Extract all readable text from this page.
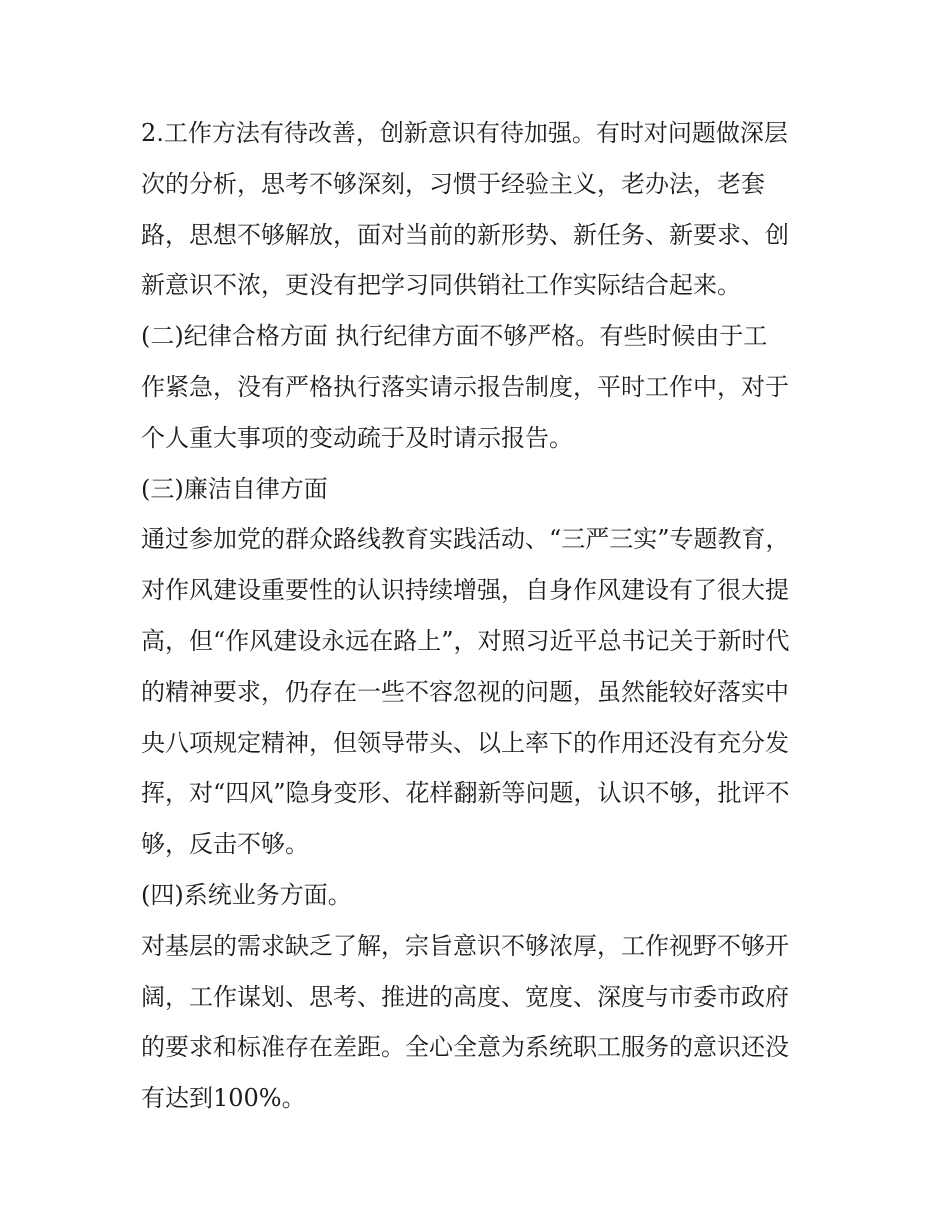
2.工作方法有待改善，创新意识有待加强。有时对问题做深层
次的分析，思考不够深刻，习惯于经验主义，老办法，老套
路，思想不够解放，面对当前的新形势、新任务、新要求、创
新意识不浓，更没有把学习同供销社工作实际结合起来。
(二)纪律合格方面 执行纪律方面不够严格。有些时候由于工
作紧急，没有严格执行落实请示报告制度，平时工作中，对于
个人重大事项的变动疏于及时请示报告。
(三)廉洁自律方面
通过参加党的群众路线教育实践活动、“三严三实”专题教育，
对作风建设重要性的认识持续增强，自身作风建设有了很大提
高，但“作风建设永远在路上”，对照习近平总书记关于新时代
的精神要求，仍存在一些不容忽视的问题，虽然能较好落实中
央八项规定精神，但领导带头、以上率下的作用还没有充分发
挥，对“四风”隐身变形、花样翻新等问题，认识不够，批评不
够，反击不够。
(四)系统业务方面。
对基层的需求缺乏了解，宗旨意识不够浓厚，工作视野不够开
阔，工作谋划、思考、推进的高度、宽度、深度与市委市政府
的要求和标准存在差距。全心全意为系统职工服务的意识还没
有达到100%。
